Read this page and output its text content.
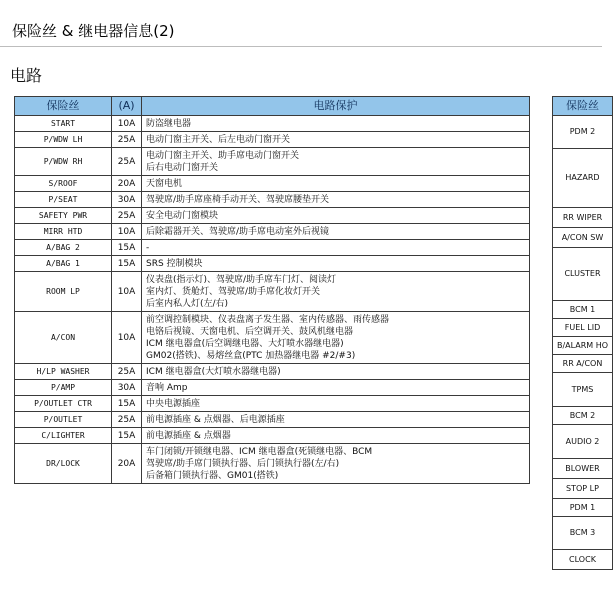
保险丝 & 继电器信息(2)
电路
保险丝	(A)	电路保护
START	10A	防盗继电器

P/WDW LH	25A	电动门窗主开关、后左电动门窗开关

P/WDW RH	25A	电动门窗主开关、助手席电动门窗开关
后右电动门窗开关

S/ROOF	20A	天窗电机

P/SEAT	30A	驾驶席/助手席座椅手动开关、驾驶席腰垫开关

SAFETY PWR	25A	安全电动门窗模块

MIRR HTD	10A	后除霜器开关、驾驶席/助手席电动室外后视镜

A/BAG 2	15A	-

A/BAG 1	15A	SRS 控制模块

ROOM LP	10A	仪表盘(指示灯)、驾驶席/助手席车门灯、阅读灯
室内灯、货舱灯、驾驶席/助手席化妆灯开关
后室内私人灯(左/右)

A/CON	10A	前空调控制模块、仪表盘离子发生器、室内传感器、雨传感器
电铬后视镜、天窗电机、后空调开关、鼓风机继电器
ICM 继电器盒(后空调继电器、大灯喷水器继电器)
GM02(搭铁)、易熔丝盒(PTC 加热器继电器 #2/#3)

H/LP WASHER	25A	ICM 继电器盒(大灯喷水器继电器)

P/AMP	30A	音响 Amp

P/OUTLET CTR	15A	中央电源插座

P/OUTLET	25A	前电源插座 & 点烟器、后电源插座

C/LIGHTER	15A	前电源插座 & 点烟器

DR/LOCK	20A	车门闭锁/开锁继电器、ICM 继电器盒(死锁继电器、BCM
驾驶席/助手席门锁执行器、后门锁执行器(左/右)
后备箱门锁执行器、GM01(搭铁)
保险丝
PDM 2
HAZARD
RR WIPER
A/CON SW
CLUSTER
BCM 1
FUEL LID
B/ALARM HO
RR A/CON
TPMS
BCM 2
AUDIO 2
BLOWER
STOP LP
PDM 1
BCM 3
CLOCK
